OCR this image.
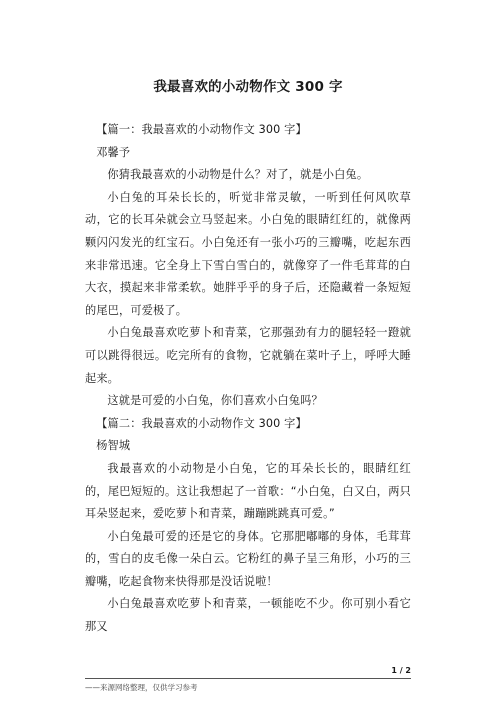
我最喜欢的小动物作文 300 字

【篇一：我最喜欢的小动物作文 300 字】

邓馨予

你猜我最喜欢的小动物是什么？对了，就是小白兔。

小白兔的耳朵长长的，听觉非常灵敏，一听到任何风吹草动，它的长耳朵就会立马竖起来。小白兔的眼睛红红的，就像两颗闪闪发光的红宝石。小白兔还有一张小巧的三瓣嘴，吃起东西来非常迅速。它全身上下雪白雪白的，就像穿了一件毛茸茸的白大衣，摸起来非常柔软。她胖乎乎的身子后，还隐藏着一条短短的尾巴，可爱极了。

小白兔最喜欢吃萝卜和青菜，它那强劲有力的腿轻轻一蹬就可以跳得很远。吃完所有的食物，它就躺在菜叶子上，呼呼大睡起来。

这就是可爱的小白兔，你们喜欢小白兔吗？

【篇二：我最喜欢的小动物作文 300 字】

杨智城

我最喜欢的小动物是小白兔，它的耳朵长长的，眼睛红红的，尾巴短短的。这让我想起了一首歌：“小白兔，白又白，两只耳朵竖起来，爱吃萝卜和青菜，蹦蹦跳跳真可爱。”

小白兔最可爱的还是它的身体。它那肥嘟嘟的身体，毛茸茸的，雪白的皮毛像一朵白云。它粉红的鼻子呈三角形，小巧的三瓣嘴，吃起食物来快得那是没话说啦！

小白兔最喜欢吃萝卜和青菜，一顿能吃不少。你可别小看它那又

1 / 2
——来源网络整理，仅供学习参考
